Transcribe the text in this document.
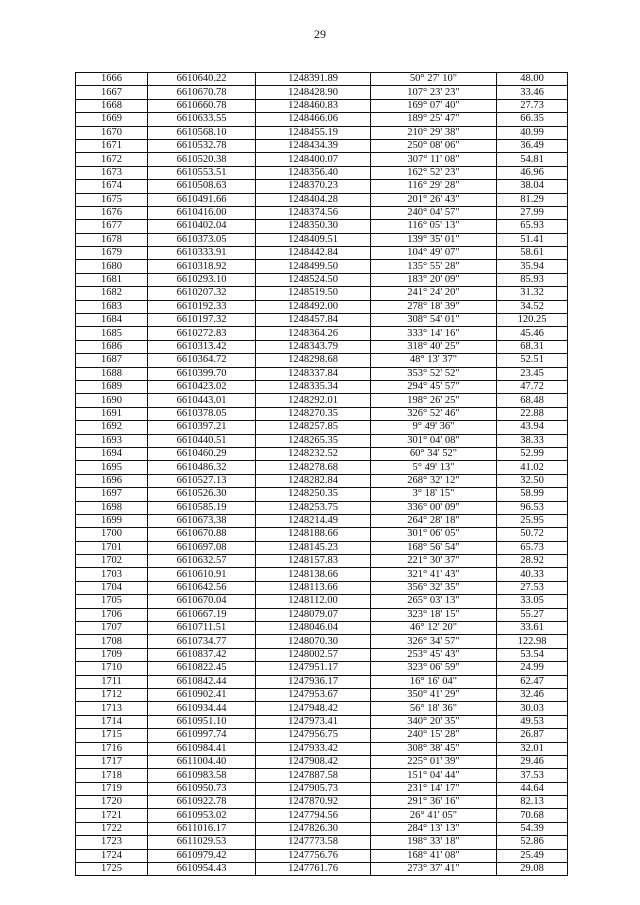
29
1666	6610640.22	1248391.89	50° 27' 10"	48.00
1667	6610670.78	1248428.90	107° 23' 23"	33.46
1668	6610660.78	1248460.83	169° 07' 40"	27.73
1669	6610633.55	1248466.06	189° 25' 47"	66.35
1670	6610568.10	1248455.19	210° 29' 38"	40.99
1671	6610532.78	1248434.39	250° 08' 06"	36.49
1672	6610520.38	1248400.07	307° 11' 08"	54.81
1673	6610553.51	1248356.40	162° 52' 23"	46.96
1674	6610508.63	1248370.23	116° 29' 28"	38.04
1675	6610491.66	1248404.28	201° 26' 43"	81.29
1676	6610416.00	1248374.56	240° 04' 57"	27.99
1677	6610402.04	1248350.30	116° 05' 13"	65.93
1678	6610373.05	1248409.51	139° 35' 01"	51.41
1679	6610333.91	1248442.84	104° 49' 07"	58.61
1680	6610318.92	1248499.50	135° 55' 28"	35.94
1681	6610293.10	1248524.50	183° 20' 09"	85.93
1682	6610207.32	1248519.50	241° 24' 20"	31.32
1683	6610192.33	1248492.00	278° 18' 39"	34.52
1684	6610197.32	1248457.84	308° 54' 01"	120.25
1685	6610272.83	1248364.26	333° 14' 16"	45.46
1686	6610313.42	1248343.79	318° 40' 25"	68.31
1687	6610364.72	1248298.68	48° 13' 37"	52.51
1688	6610399.70	1248337.84	353° 52' 52"	23.45
1689	6610423.02	1248335.34	294° 45' 57"	47.72
1690	6610443.01	1248292.01	198° 26' 25"	68.48
1691	6610378.05	1248270.35	326° 52' 46"	22.88
1692	6610397.21	1248257.85	9° 49' 36"	43.94
1693	6610440.51	1248265.35	301° 04' 08"	38.33
1694	6610460.29	1248232.52	60° 34' 52"	52.99
1695	6610486.32	1248278.68	5° 49' 13"	41.02
1696	6610527.13	1248282.84	268° 32' 12"	32.50
1697	6610526.30	1248250.35	3° 18' 15"	58.99
1698	6610585.19	1248253.75	336° 00' 09"	96.53
1699	6610673.38	1248214.49	264° 28' 18"	25.95
1700	6610670.88	1248188.66	301° 06' 05"	50.72
1701	6610697.08	1248145.23	168° 56' 54"	65.73
1702	6610632.57	1248157.83	221° 30' 37"	28.92
1703	6610610.91	1248138.66	321° 41' 43"	40.33
1704	6610642.56	1248113.66	356° 32' 35"	27.53
1705	6610670.04	1248112.00	265° 03' 13"	33.05
1706	6610667.19	1248079.07	323° 18' 15"	55.27
1707	6610711.51	1248046.04	46° 12' 20"	33.61
1708	6610734.77	1248070.30	326° 34' 57"	122.98
1709	6610837.42	1248002.57	253° 45' 43"	53.54
1710	6610822.45	1247951.17	323° 06' 59"	24.99
1711	6610842.44	1247936.17	16° 16' 04"	62.47
1712	6610902.41	1247953.67	350° 41' 29"	32.46
1713	6610934.44	1247948.42	56° 18' 36"	30.03
1714	6610951.10	1247973.41	340° 20' 35"	49.53
1715	6610997.74	1247956.75	240° 15' 28"	26.87
1716	6610984.41	1247933.42	308° 38' 45"	32.01
1717	6611004.40	1247908.42	225° 01' 39"	29.46
1718	6610983.58	1247887.58	151° 04' 44"	37.53
1719	6610950.73	1247905.73	231° 14' 17"	44.64
1720	6610922.78	1247870.92	291° 36' 16"	82.13
1721	6610953.02	1247794.56	26° 41' 05"	70.68
1722	6611016.17	1247826.30	284° 13' 13"	54.39
1723	6611029.53	1247773.58	198° 33' 18"	52.86
1724	6610979.42	1247756.76	168° 41' 08"	25.49
1725	6610954.43	1247761.76	273° 37' 41"	29.08
